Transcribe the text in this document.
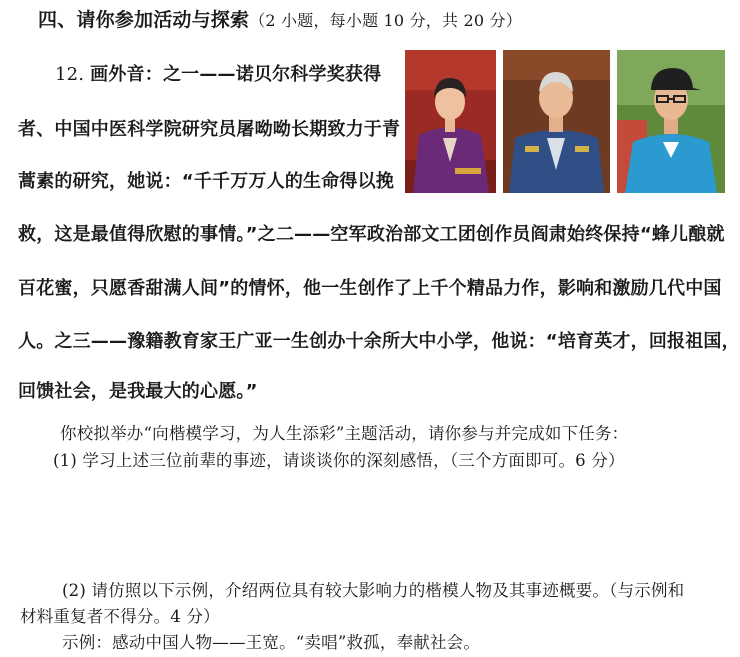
四、请你参加活动与探索（2 小题，每小题 10 分，共 20 分）
12. 画外音：之一——诺贝尔科学奖获得
者、中国中医科学院研究员屠呦呦长期致力于青
蒿素的研究，她说：“千千万万人的生命得以挽
救，这是最值得欣慰的事情。”之二——空军政治部文工团创作员阎肃始终保持“蜂儿酿就
百花蜜，只愿香甜满人间”的情怀，他一生创作了上千个精品力作，影响和激励几代中国
人。之三——豫籍教育家王广亚一生创办十余所大中小学，他说：“培育英才，回报祖国，
回馈社会，是我最大的心愿。”
你校拟举办“向楷模学习，为人生添彩”主题活动，请你参与并完成如下任务：
(1) 学习上述三位前辈的事迹，请谈谈你的深刻感悟，（三个方面即可。6 分）
(2) 请仿照以下示例，介绍两位具有较大影响力的楷模人物及其事迹概要。（与示例和
材料重复者不得分。4 分）
示例：感动中国人物——王宽。“卖唱”救孤，奉献社会。
